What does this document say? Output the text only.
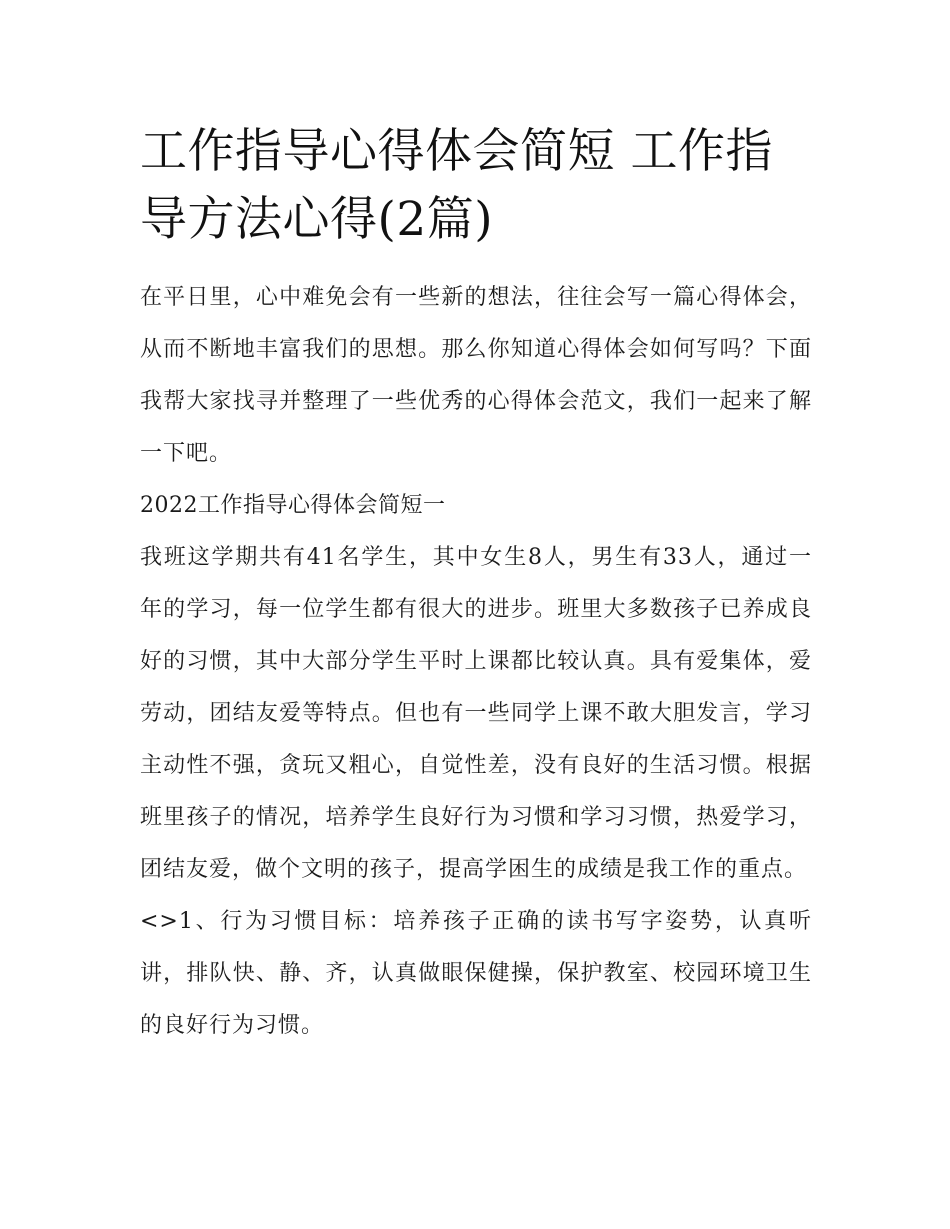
工作指导心得体会简短 工作指导方法心得(2篇)

在平日里，心中难免会有一些新的想法，往往会写一篇心得体会，从而不断地丰富我们的思想。那么你知道心得体会如何写吗？下面我帮大家找寻并整理了一些优秀的心得体会范文，我们一起来了解一下吧。

2022工作指导心得体会简短一

我班这学期共有41名学生，其中女生8人，男生有33人，通过一年的学习，每一位学生都有很大的进步。班里大多数孩子已养成良好的习惯，其中大部分学生平时上课都比较认真。具有爱集体，爱劳动，团结友爱等特点。但也有一些同学上课不敢大胆发言，学习主动性不强，贪玩又粗心，自觉性差，没有良好的生活习惯。根据班里孩子的情况，培养学生良好行为习惯和学习习惯，热爱学习，团结友爱，做个文明的孩子，提高学困生的成绩是我工作的重点。

<>1、行为习惯目标：培养孩子正确的读书写字姿势，认真听讲，排队快、静、齐，认真做眼保健操，保护教室、校园环境卫生的良好行为习惯。
